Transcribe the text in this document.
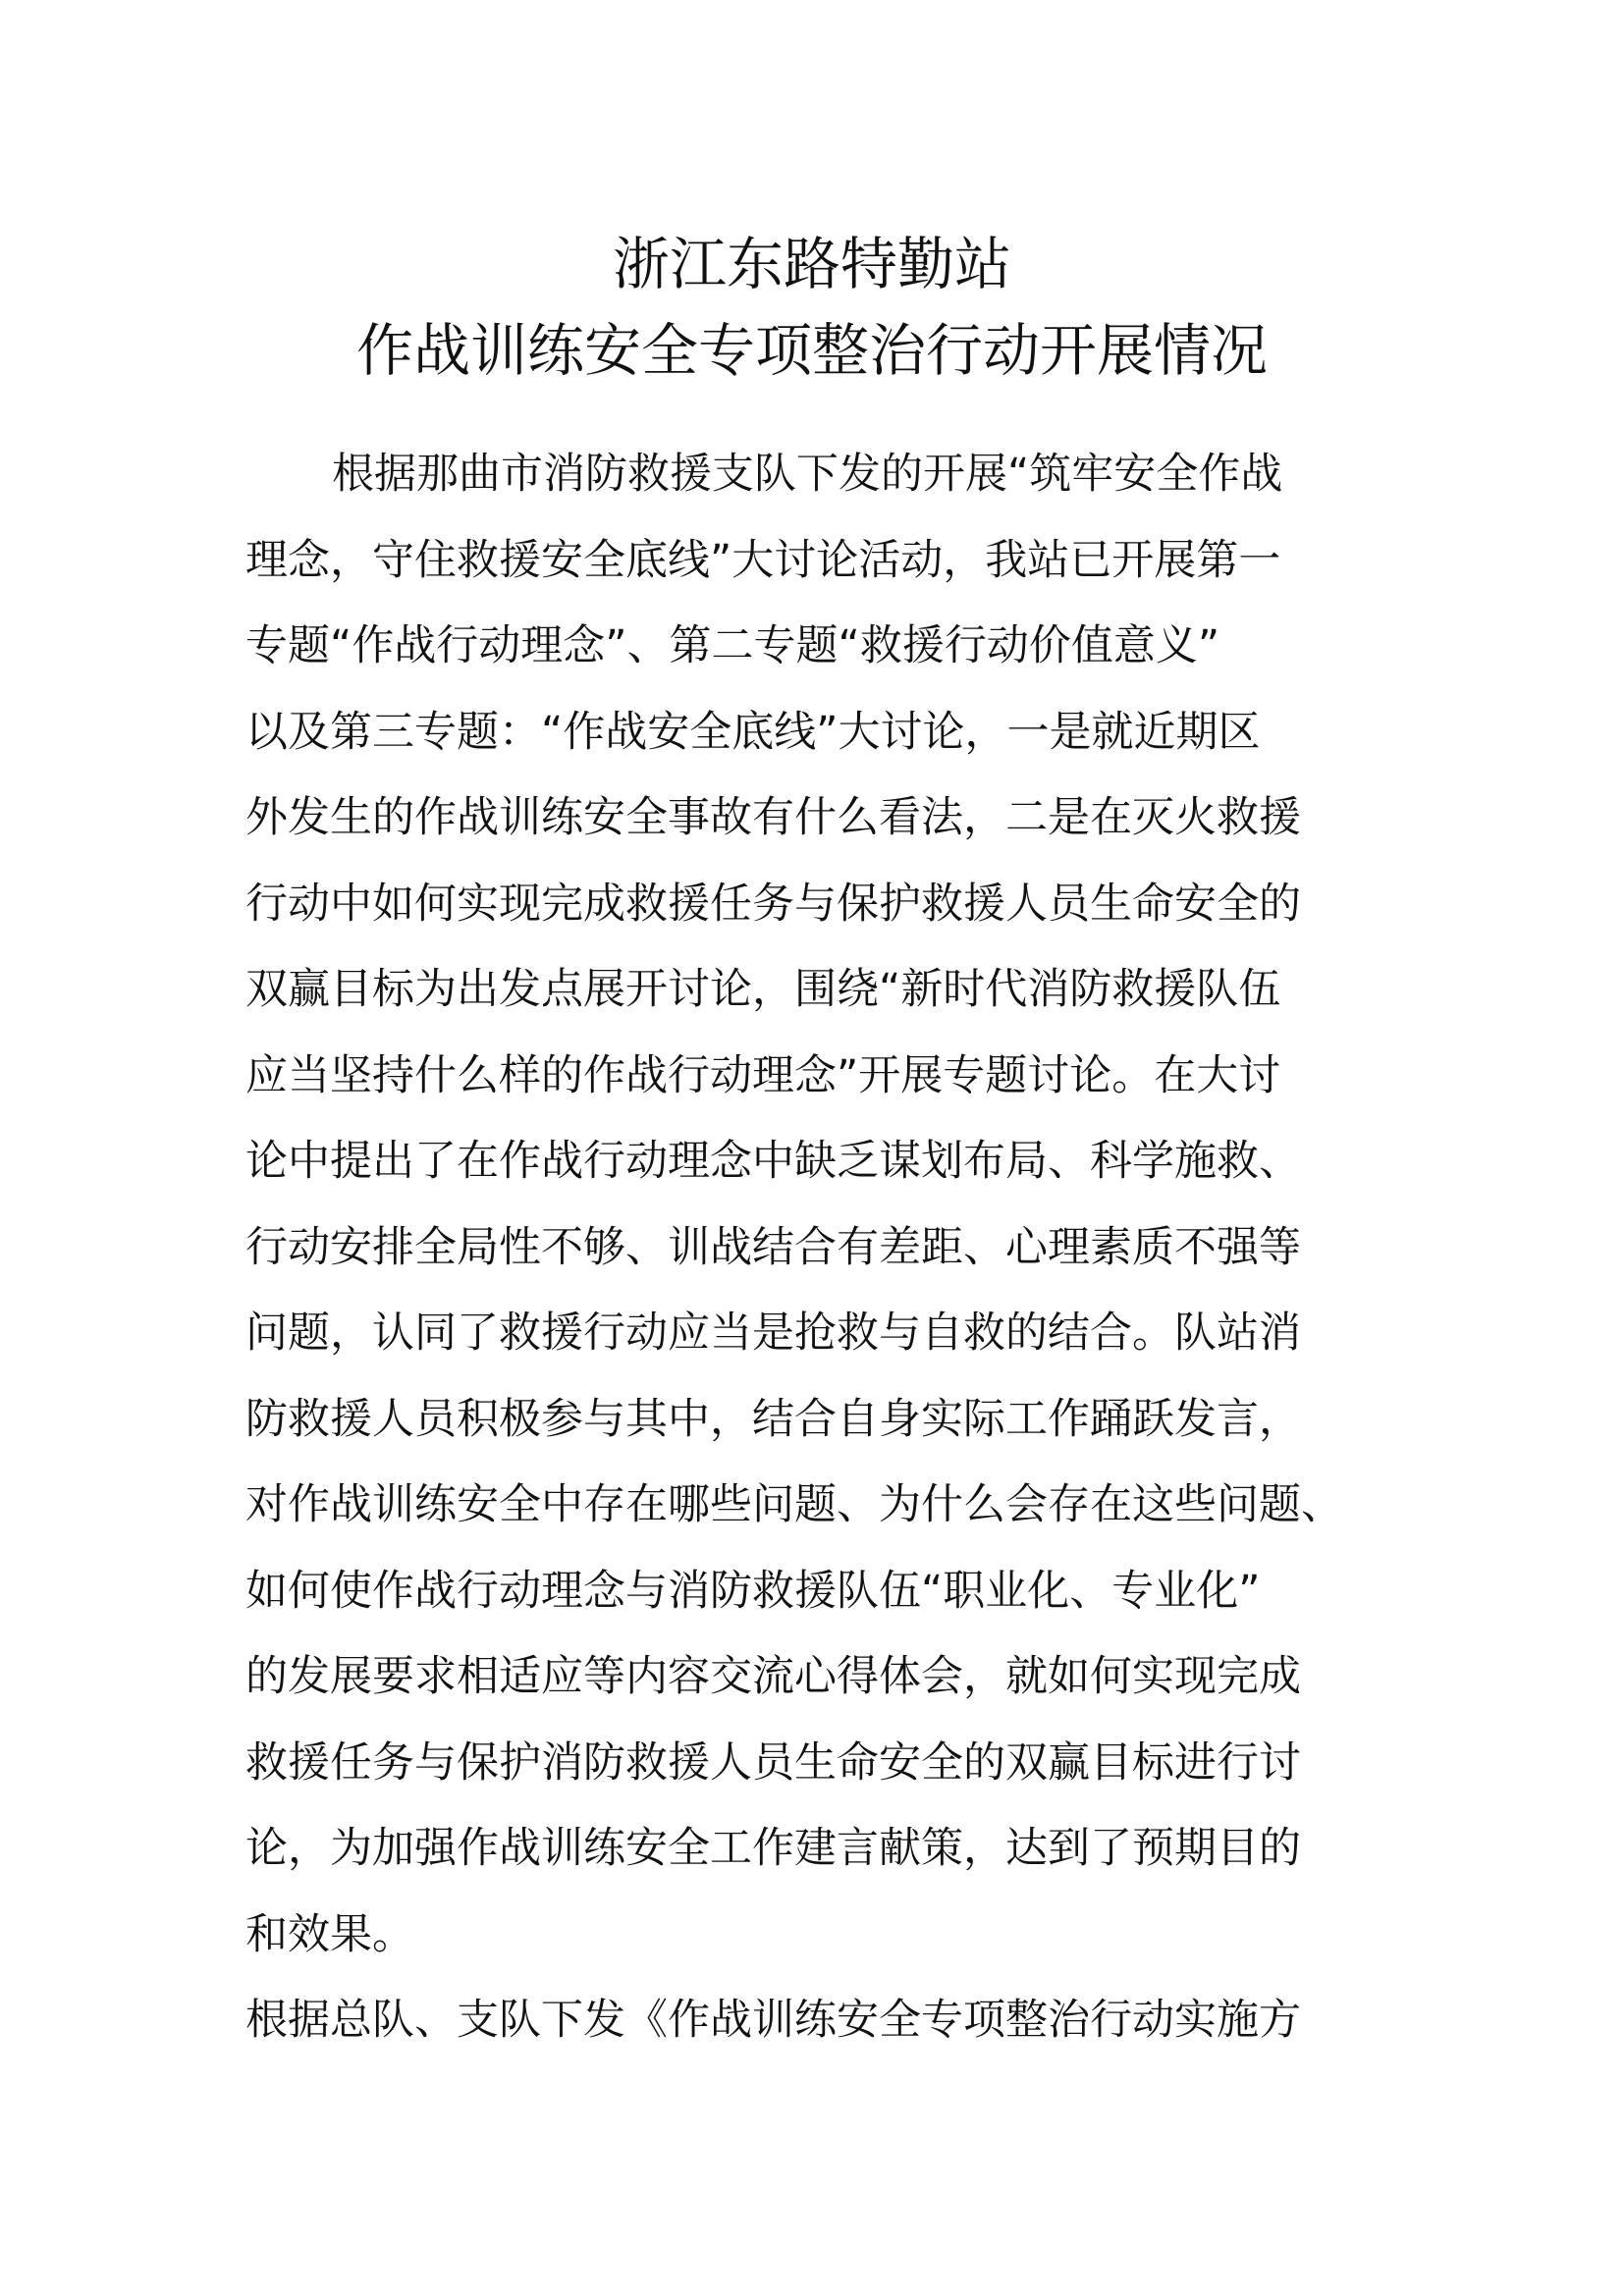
浙江东路特勤站
作战训练安全专项整治行动开展情况
根据那曲市消防救援支队下发的开展“筑牢安全作战
理念，守住救援安全底线”大讨论活动，我站已开展第一
专题“作战行动理念”、第二专题“救援行动价值意义”
以及第三专题：“作战安全底线”大讨论，一是就近期区
外发生的作战训练安全事故有什么看法，二是在灭火救援
行动中如何实现完成救援任务与保护救援人员生命安全的
双赢目标为出发点展开讨论，围绕“新时代消防救援队伍
应当坚持什么样的作战行动理念”开展专题讨论。在大讨
论中提出了在作战行动理念中缺乏谋划布局、科学施救、
行动安排全局性不够、训战结合有差距、心理素质不强等
问题，认同了救援行动应当是抢救与自救的结合。队站消
防救援人员积极参与其中，结合自身实际工作踊跃发言，
对作战训练安全中存在哪些问题、为什么会存在这些问题、
如何使作战行动理念与消防救援队伍“职业化、专业化”
的发展要求相适应等内容交流心得体会，就如何实现完成
救援任务与保护消防救援人员生命安全的双赢目标进行讨
论，为加强作战训练安全工作建言献策，达到了预期目的
和效果。
根据总队、支队下发《作战训练安全专项整治行动实施方
